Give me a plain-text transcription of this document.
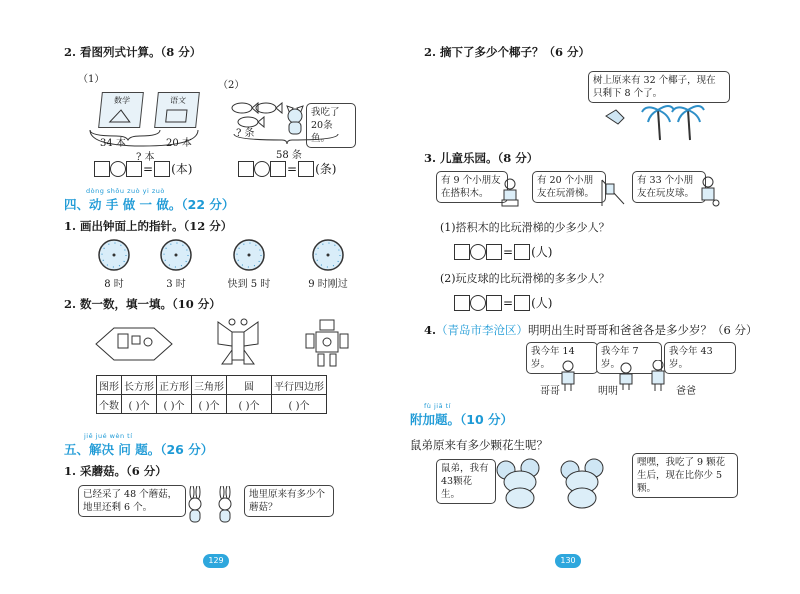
2. 看图列式计算。（8 分）
（1）
数学	语文
34 本	20 本
? 本
= (本)
（2）
? 条
我吃了20条鱼。
58 条
= (条)
dòng shǒu zuò yi zuò
四、动 手 做 一 做。（22 分）
1. 画出钟面上的指针。（12 分）
8 时	3 时	快到 5 时	9 时刚过
2. 数一数，填一填。（10 分）
图形	长方形	正方形	三角形	圆	平行四边形
个数	( )个	( )个	( )个	( )个	( )个
jiě jué wèn tí
五、解决 问 题。（26 分）
1. 采蘑菇。（6 分）
已经采了 48 个蘑菇，地里还剩 6 个。
地里原来有多少个蘑菇？
129
2. 摘下了多少个椰子？（6 分）
树上原来有 32 个椰子，现在只剩下 8 个了。
3. 儿童乐园。（8 分）
有 9 个小朋友在搭积木。
有 20 个小朋友在玩滑梯。
有 33 个小朋友在玩皮球。
(1)搭积木的比玩滑梯的少多少人？
= (人)
(2)玩皮球的比玩滑梯的多多少人？
= (人)
4.（青岛市李沧区）明明出生时哥哥和爸爸各是多少岁？（6 分）
我今年 14 岁。
我今年 7 岁。
我今年 43 岁。
哥哥	明明	爸爸
fù jiā tí
附加题。（10 分）
鼠弟原来有多少颗花生呢？
鼠弟，我有43颗花生。
嘿嘿，我吃了 9 颗花生后，现在比你少 5 颗。
130
